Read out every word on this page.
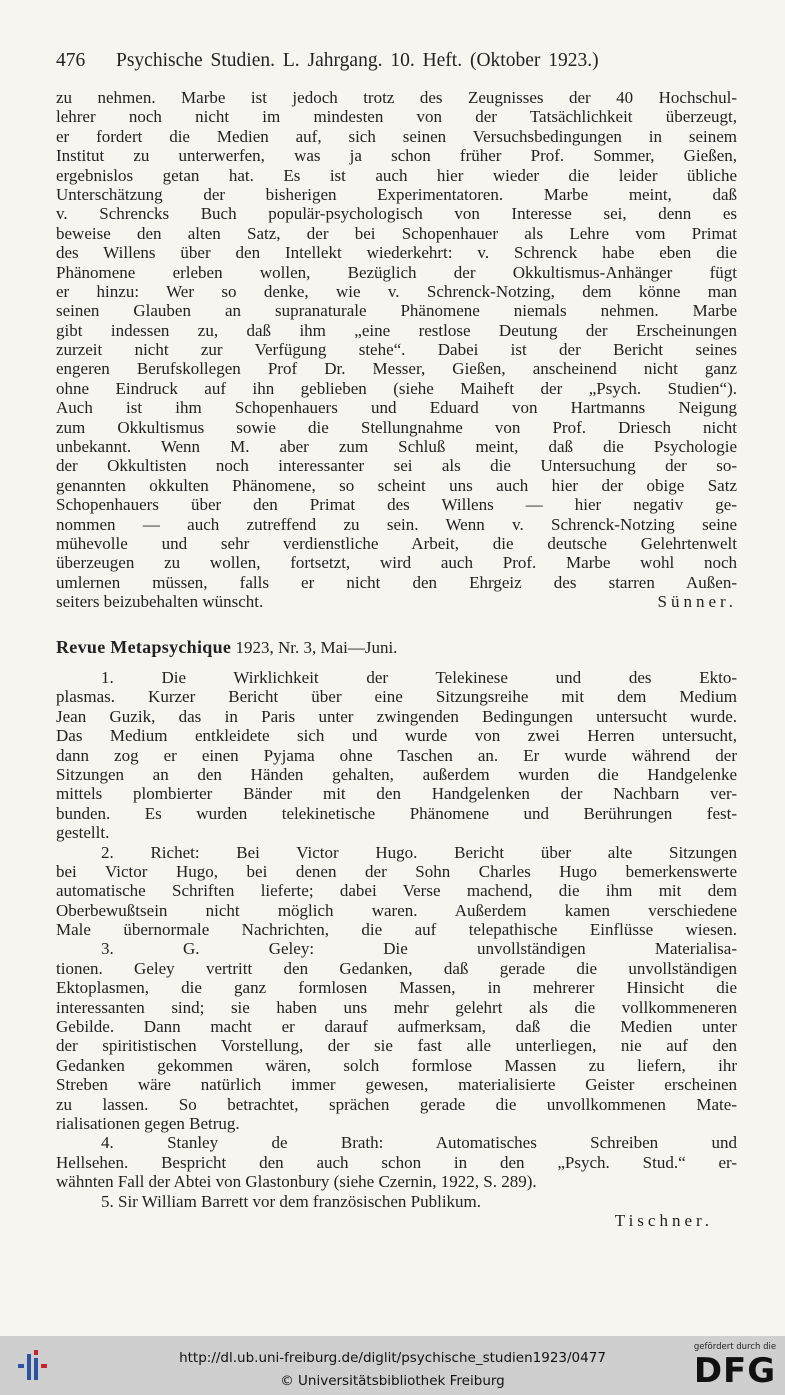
476 Psychische Studien. L. Jahrgang. 10. Heft. (Oktober 1923.)
zu nehmen. Marbe ist jedoch trotz des Zeugnisses der 40 Hochschul-
lehrer noch nicht im mindesten von der Tatsächlichkeit überzeugt,
er fordert die Medien auf, sich seinen Versuchsbedingungen in seinem
Institut zu unterwerfen, was ja schon früher Prof. Sommer, Gießen,
ergebnislos getan hat. Es ist auch hier wieder die leider übliche
Unterschätzung der bisherigen Experimentatoren. Marbe meint, daß
v. Schrencks Buch populär-psychologisch von Interesse sei, denn es
beweise den alten Satz, der bei Schopenhauer als Lehre vom Primat
des Willens über den Intellekt wiederkehrt: v. Schrenck habe eben die
Phänomene erleben wollen, Bezüglich der Okkultismus-Anhänger fügt
er hinzu: Wer so denke, wie v. Schrenck-Notzing, dem könne man
seinen Glauben an supranaturale Phänomene niemals nehmen. Marbe
gibt indessen zu, daß ihm „eine restlose Deutung der Erscheinungen
zurzeit nicht zur Verfügung stehe“. Dabei ist der Bericht seines
engeren Berufskollegen Prof Dr. Messer, Gießen, anscheinend nicht ganz
ohne Eindruck auf ihn geblieben (siehe Maiheft der „Psych. Studien“).
Auch ist ihm Schopenhauers und Eduard von Hartmanns Neigung
zum Okkultismus sowie die Stellungnahme von Prof. Driesch nicht
unbekannt. Wenn M. aber zum Schluß meint, daß die Psychologie
der Okkultisten noch interessanter sei als die Untersuchung der so-
genannten okkulten Phänomene, so scheint uns auch hier der obige Satz
Schopenhauers über den Primat des Willens — hier negativ ge-
nommen — auch zutreffend zu sein. Wenn v. Schrenck-Notzing seine
mühevolle und sehr verdienstliche Arbeit, die deutsche Gelehrtenwelt
überzeugen zu wollen, fortsetzt, wird auch Prof. Marbe wohl noch
umlernen müssen, falls er nicht den Ehrgeiz des starren Außen-
seiters beizubehalten wünscht.	Sünner.
Revue Metapsychique 1923, Nr. 3, Mai—Juni.
1. Die Wirklichkeit der Telekinese und des Ekto-
plasmas. Kurzer Bericht über eine Sitzungsreihe mit dem Medium
Jean Guzik, das in Paris unter zwingenden Bedingungen untersucht wurde.
Das Medium entkleidete sich und wurde von zwei Herren untersucht,
dann zog er einen Pyjama ohne Taschen an. Er wurde während der
Sitzungen an den Händen gehalten, außerdem wurden die Handgelenke
mittels plombierter Bänder mit den Handgelenken der Nachbarn ver-
bunden. Es wurden telekinetische Phänomene und Berührungen fest-
gestellt.
2. Richet: Bei Victor Hugo. Bericht über alte Sitzungen
bei Victor Hugo, bei denen der Sohn Charles Hugo bemerkenswerte
automatische Schriften lieferte; dabei Verse machend, die ihm mit dem
Oberbewußtsein nicht möglich waren. Außerdem kamen verschiedene
Male übernormale Nachrichten, die auf telepathische Einflüsse wiesen.
3. G. Geley: Die unvollständigen Materialisa-
tionen. Geley vertritt den Gedanken, daß gerade die unvollständigen
Ektoplasmen, die ganz formlosen Massen, in mehrerer Hinsicht die
interessanten sind; sie haben uns mehr gelehrt als die vollkommeneren
Gebilde. Dann macht er darauf aufmerksam, daß die Medien unter
der spiritistischen Vorstellung, der sie fast alle unterliegen, nie auf den
Gedanken gekommen wären, solch formlose Massen zu liefern, ihr
Streben wäre natürlich immer gewesen, materialisierte Geister erscheinen
zu lassen. So betrachtet, sprächen gerade die unvollkommenen Mate-
rialisationen gegen Betrug.
4. Stanley de Brath: Automatisches Schreiben und
Hellsehen. Bespricht den auch schon in den „Psych. Stud.“ er-
wähnten Fall der Abtei von Glastonbury (siehe Czernin, 1922, S. 289).
5. Sir William Barrett vor dem französischen Publikum.
Tischner.
http://dl.ub.uni-freiburg.de/diglit/psychische_studien1923/0477
© Universitätsbibliothek Freiburg
gefördert durch die
DFG
